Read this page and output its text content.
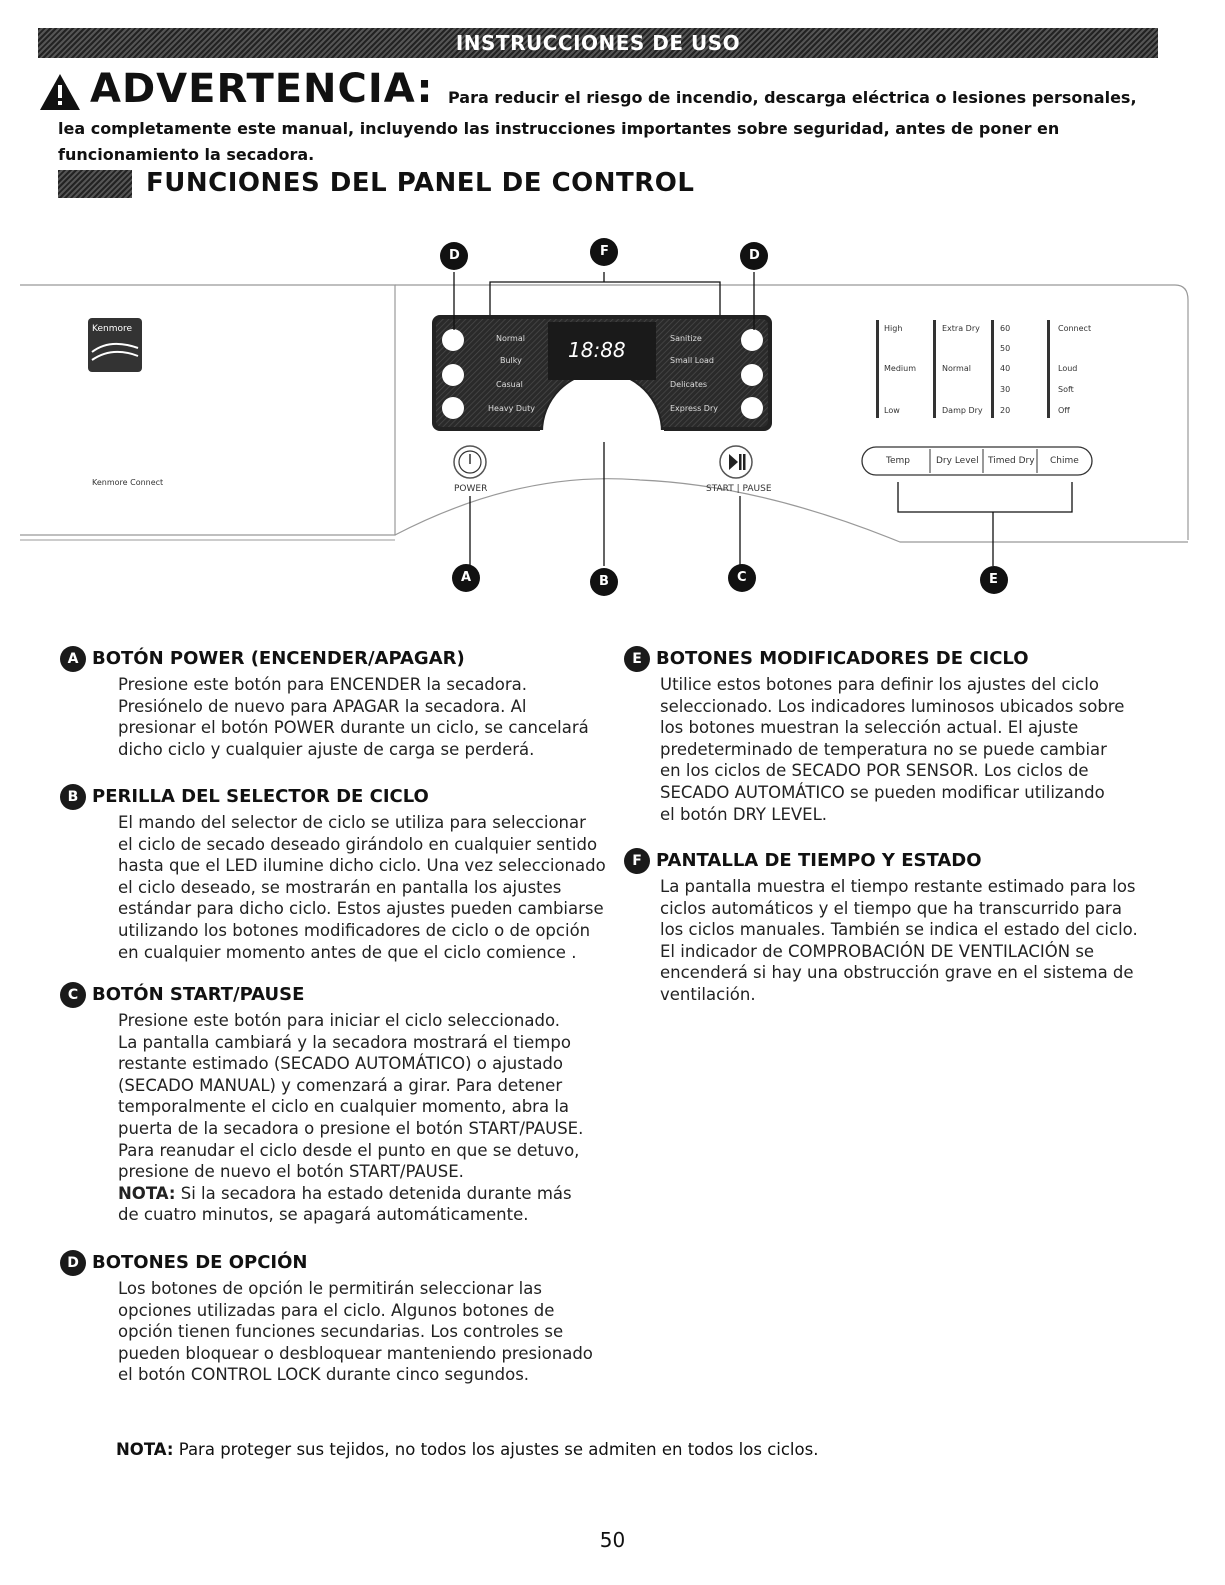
INSTRUCCIONES DE USO
ADVERTENCIA: Para reducir el riesgo de incendio, descarga eléctrica o lesiones personales,
lea completamente este manual, incluyendo las instrucciones importantes sobre seguridad, antes de poner en funcionamiento la secadora.
FUNCIONES DEL PANEL DE CONTROL
D	F	D
A	B	C	E
Kenmore
Kenmore Connect
POWER	START | PAUSE
18:88
Normal
Bulky
Casual
Heavy Duty
Sanitize
Small Load
Delicates
Express Dry
High
Medium
Low
Extra Dry
Normal
Damp Dry
60
50
40
30
20
Connect
Loud
Soft
Off
Temp	Dry Level Timed Dry Chime
A BOTÓN POWER (ENCENDER/APAGAR)
Presione este botón para ENCENDER la secadora.
Presiónelo de nuevo para APAGAR la secadora. Al
presionar el botón POWER durante un ciclo, se cancelará
dicho ciclo y cualquier ajuste de carga se perderá.
B PERILLA DEL SELECTOR DE CICLO
El mando del selector de ciclo se utiliza para seleccionar
el ciclo de secado deseado girándolo en cualquier sentido
hasta que el LED ilumine dicho ciclo. Una vez seleccionado
el ciclo deseado, se mostrarán en pantalla los ajustes
estándar para dicho ciclo. Estos ajustes pueden cambiarse
utilizando los botones modificadores de ciclo o de opción
en cualquier momento antes de que el ciclo comience .
C BOTÓN START/PAUSE
Presione este botón para iniciar el ciclo seleccionado.
La pantalla cambiará y la secadora mostrará el tiempo
restante estimado (SECADO AUTOMÁTICO) o ajustado
(SECADO MANUAL) y comenzará a girar. Para detener
temporalmente el ciclo en cualquier momento, abra la
puerta de la secadora o presione el botón START/PAUSE.
Para reanudar el ciclo desde el punto en que se detuvo,
presione de nuevo el botón START/PAUSE.
NOTA: Si la secadora ha estado detenida durante más
de cuatro minutos, se apagará automáticamente.
D BOTONES DE OPCIÓN
Los botones de opción le permitirán seleccionar las
opciones utilizadas para el ciclo. Algunos botones de
opción tienen funciones secundarias. Los controles se
pueden bloquear o desbloquear manteniendo presionado
el botón CONTROL LOCK durante cinco segundos.
E BOTONES MODIFICADORES DE CICLO
Utilice estos botones para definir los ajustes del ciclo
seleccionado. Los indicadores luminosos ubicados sobre
los botones muestran la selección actual. El ajuste
predeterminado de temperatura no se puede cambiar
en los ciclos de SECADO POR SENSOR. Los ciclos de
SECADO AUTOMÁTICO se pueden modificar utilizando
el botón DRY LEVEL.
F PANTALLA DE TIEMPO Y ESTADO
La pantalla muestra el tiempo restante estimado para los
ciclos automáticos y el tiempo que ha transcurrido para
los ciclos manuales. También se indica el estado del ciclo.
El indicador de COMPROBACIÓN DE VENTILACIÓN se
encenderá si hay una obstrucción grave en el sistema de
ventilación.
NOTA: Para proteger sus tejidos, no todos los ajustes se admiten en todos los ciclos.
50
